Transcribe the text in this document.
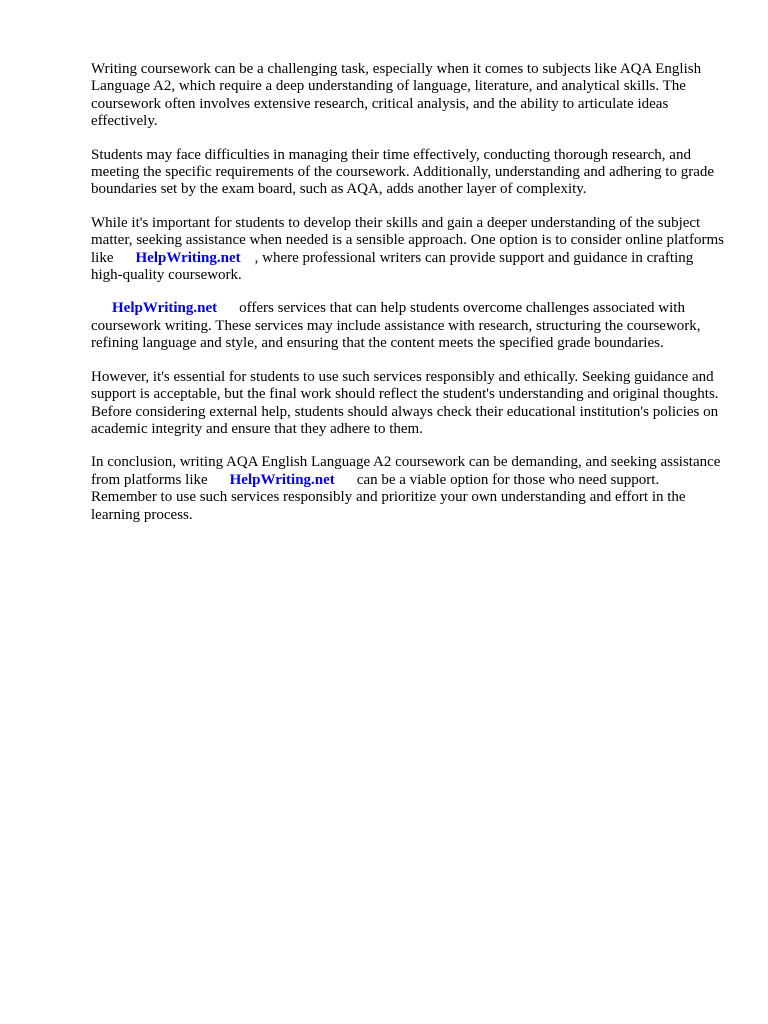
Writing coursework can be a challenging task, especially when it comes to subjects like AQA English Language A2, which require a deep understanding of language, literature, and analytical skills. The coursework often involves extensive research, critical analysis, and the ability to articulate ideas effectively.

Students may face difficulties in managing their time effectively, conducting thorough research, and meeting the specific requirements of the coursework. Additionally, understanding and adhering to grade boundaries set by the exam board, such as AQA, adds another layer of complexity.

While it's important for students to develop their skills and gain a deeper understanding of the subject matter, seeking assistance when needed is a sensible approach. One option is to consider online platforms like HelpWriting.net , where professional writers can provide support and guidance in crafting high-quality coursework.

HelpWriting.net offers services that can help students overcome challenges associated with coursework writing. These services may include assistance with research, structuring the coursework, refining language and style, and ensuring that the content meets the specified grade boundaries.

However, it's essential for students to use such services responsibly and ethically. Seeking guidance and support is acceptable, but the final work should reflect the student's understanding and original thoughts. Before considering external help, students should always check their educational institution's policies on academic integrity and ensure that they adhere to them.

In conclusion, writing AQA English Language A2 coursework can be demanding, and seeking assistance from platforms like HelpWriting.net can be a viable option for those who need support. Remember to use such services responsibly and prioritize your own understanding and effort in the learning process.
